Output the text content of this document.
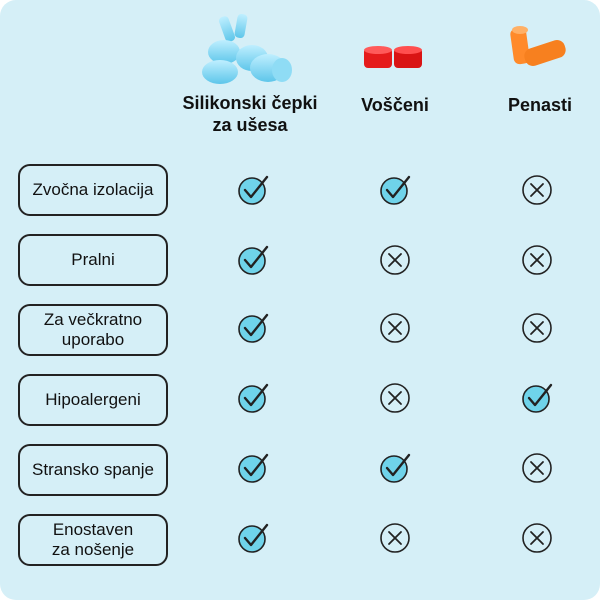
Silikonski čepki
za ušesa
Voščeni	Penasti
Zvočna izolacija
Pralni
Za večkratno
uporabo
Hipoalergeni
Stransko spanje
Enostaven
za nošenje
